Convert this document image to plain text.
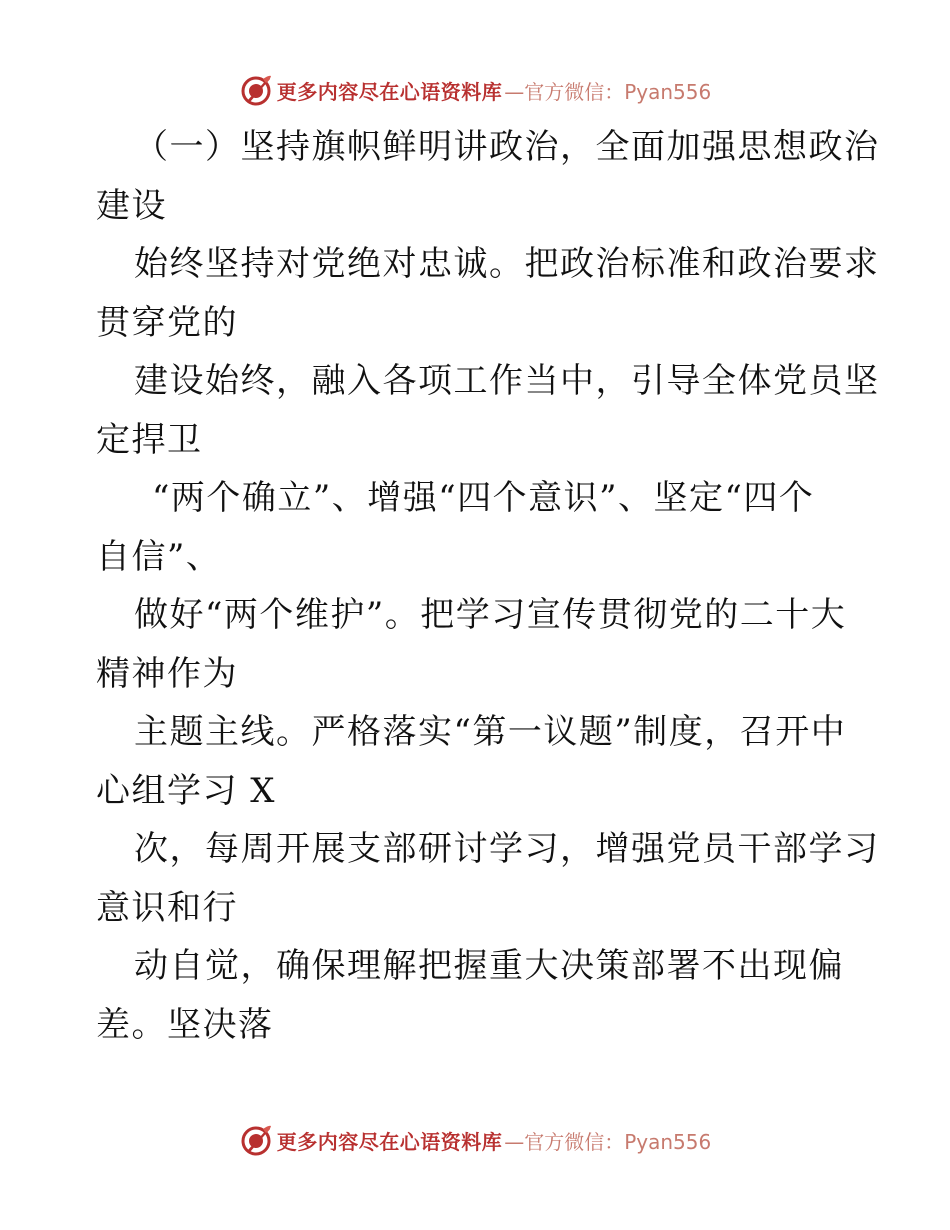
更多内容尽在心语资料库 —官方微信：Pyan556
（一）坚持旗帜鲜明讲政治，全面加强思想政治
建设
始终坚持对党绝对忠诚。把政治标准和政治要求
贯穿党的
建设始终，融入各项工作当中，引导全体党员坚
定捍卫
“两个确立”、增强“四个意识”、坚定“四个
自信”、
做好“两个维护”。把学习宣传贯彻党的二十大
精神作为
主题主线。严格落实“第一议题”制度，召开中
心组学习 X
次，每周开展支部研讨学习，增强党员干部学习
意识和行
动自觉，确保理解把握重大决策部署不出现偏
差。坚决落
更多内容尽在心语资料库 —官方微信：Pyan556
